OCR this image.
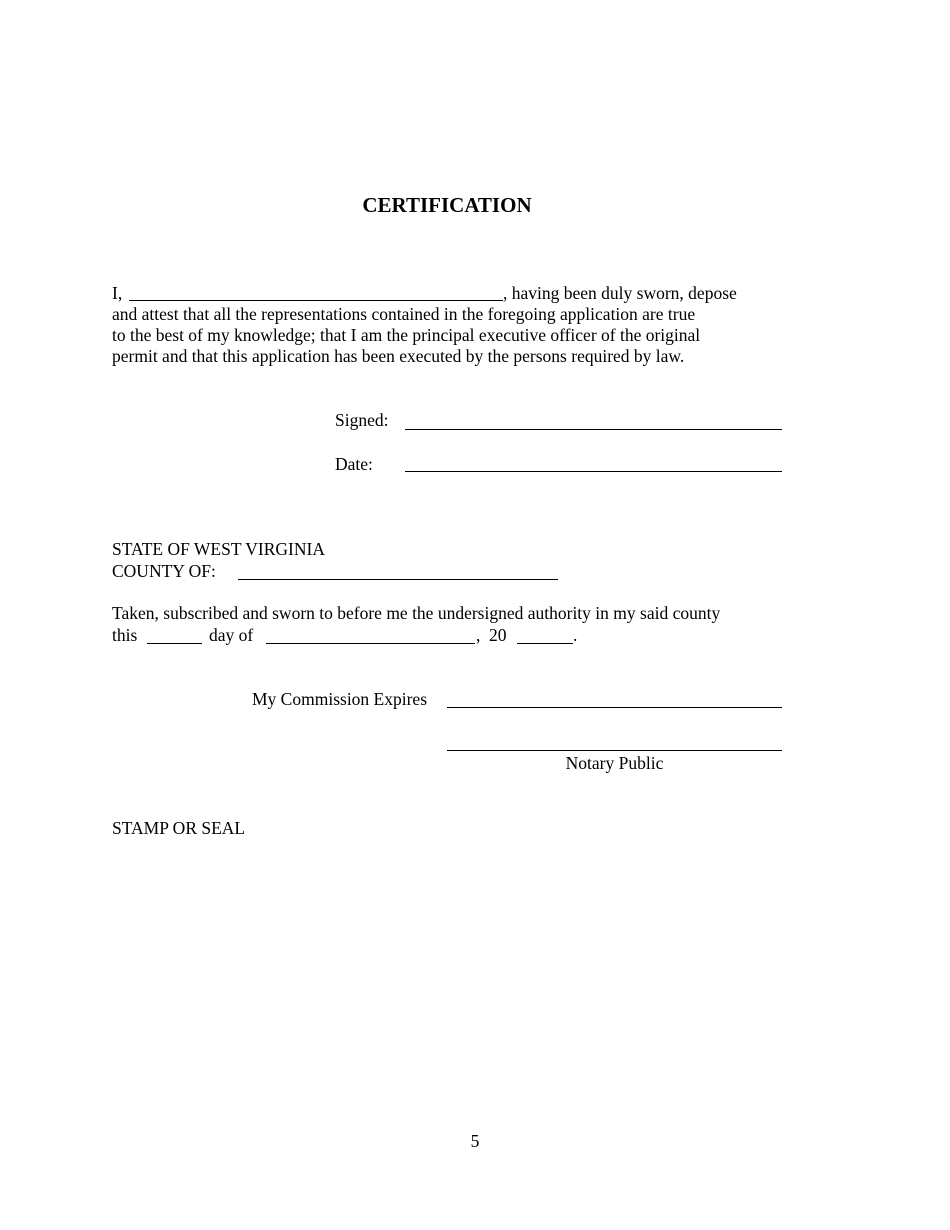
CERTIFICATION
I,	, having been duly sworn, depose
and attest that all the representations contained in the foregoing application are true
to the best of my knowledge; that I am the principal executive officer of the original
permit and that this application has been executed by the persons required by law.
Signed:
Date:
STATE OF WEST VIRGINIA
COUNTY OF:
Taken, subscribed and sworn to before me the undersigned authority in my said county
this	day of	, 20	.
My Commission Expires
Notary Public
STAMP OR SEAL
5
